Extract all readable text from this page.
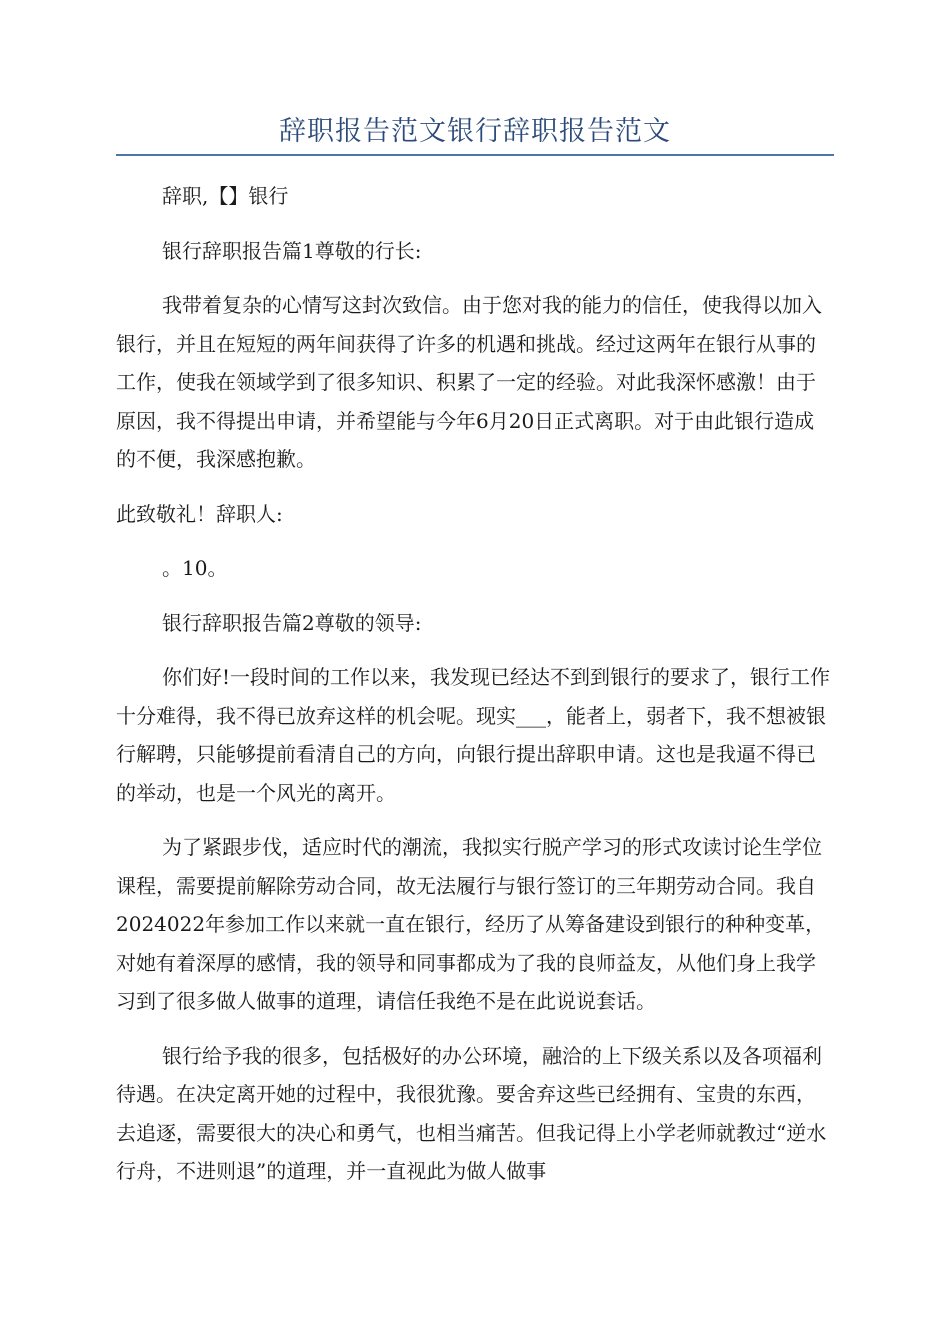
辞职报告范文银行辞职报告范文

辞职,【】银行

银行辞职报告篇1尊敬的行长:

我带着复杂的心情写这封次致信。由于您对我的能力的信任，使我得以加入银行，并且在短短的两年间获得了许多的机遇和挑战。经过这两年在银行从事的工作，使我在领域学到了很多知识、积累了一定的经验。对此我深怀感激！由于原因，我不得提出申请，并希望能与今年6月20日正式离职。对于由此银行造成的不便，我深感抱歉。

此致敬礼！辞职人:

。10。

银行辞职报告篇2尊敬的领导:

你们好!一段时间的工作以来，我发现已经达不到到银行的要求了，银行工作十分难得，我不得已放弃这样的机会呢。现实___，能者上，弱者下，我不想被银行解聘，只能够提前看清自己的方向，向银行提出辞职申请。这也是我逼不得已的举动，也是一个风光的离开。

为了紧跟步伐，适应时代的潮流，我拟实行脱产学习的形式攻读讨论生学位课程，需要提前解除劳动合同，故无法履行与银行签订的三年期劳动合同。我自2024022年参加工作以来就一直在银行，经历了从筹备建设到银行的种种变革，对她有着深厚的感情，我的领导和同事都成为了我的良师益友，从他们身上我学习到了很多做人做事的道理，请信任我绝不是在此说说套话。

银行给予我的很多，包括极好的办公环境，融洽的上下级关系以及各项福利待遇。在决定离开她的过程中，我很犹豫。要舍弃这些已经拥有、宝贵的东西，去追逐，需要很大的决心和勇气，也相当痛苦。但我记得上小学老师就教过“逆水行舟，不进则退”的道理，并一直视此为做人做事
